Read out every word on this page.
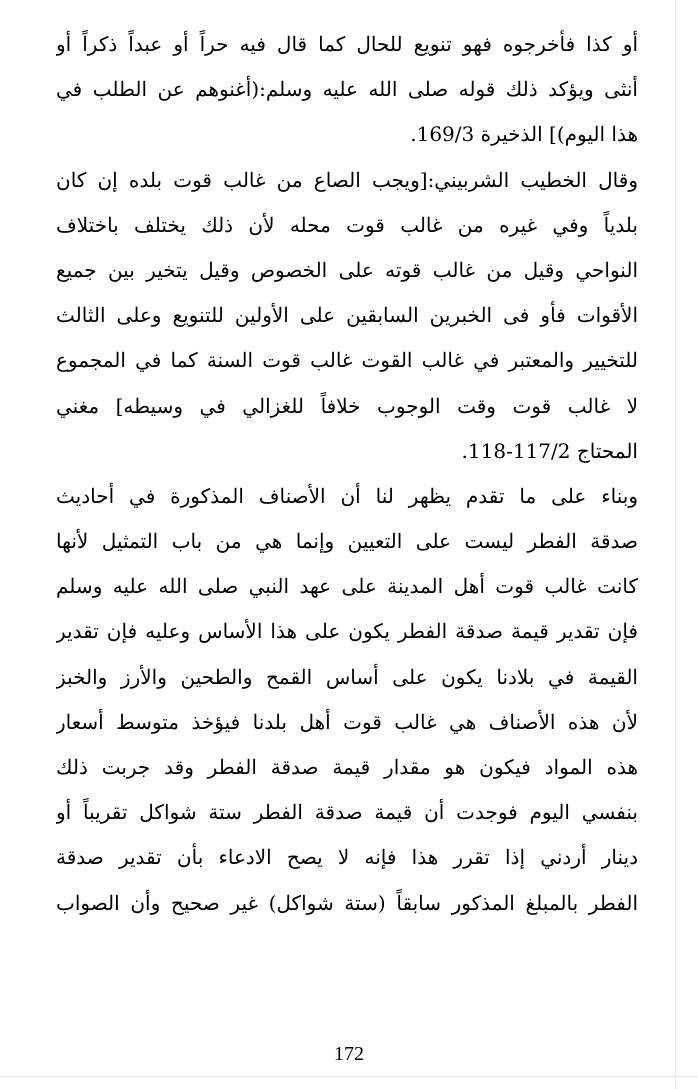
أو كذا فأخرجوه فهو تنويع للحال كما قال فيه حراً أو عبداً ذكراً أو
أنثى ويؤكد ذلك قوله صلى الله عليه وسلم:(أغنوهم عن الطلب في
هذا اليوم)] الذخيرة 169/3.
وقال الخطيب الشربيني:[ويجب الصاع من غالب قوت بلده إن كان
بلدياً وفي غيره من غالب قوت محله لأن ذلك يختلف باختلاف
النواحي وقيل من غالب قوته على الخصوص وقيل يتخير بين جميع
الأقوات فأو فى الخبرين السابقين على الأولين للتنويع وعلى الثالث
للتخيير والمعتبر في غالب القوت غالب قوت السنة كما في المجموع
لا غالب قوت وقت الوجوب خلافاً للغزالي في وسيطه] مغني
المحتاج 117/2-118.
وبناء على ما تقدم يظهر لنا أن الأصناف المذكورة في أحاديث
صدقة الفطر ليست على التعيين وإنما هي من باب التمثيل لأنها
كانت غالب قوت أهل المدينة على عهد النبي صلى الله عليه وسلم
فإن تقدير قيمة صدقة الفطر يكون على هذا الأساس وعليه فإن تقدير
القيمة في بلادنا يكون على أساس القمح والطحين والأرز والخبز
لأن هذه الأصناف هي غالب قوت أهل بلدنا فيؤخذ متوسط أسعار
هذه المواد فيكون هو مقدار قيمة صدقة الفطر وقد جربت ذلك
بنفسي اليوم فوجدت أن قيمة صدقة الفطر ستة شواكل تقريباً أو
دينار أردني إذا تقرر هذا فإنه لا يصح الادعاء بأن تقدير صدقة
الفطر بالمبلغ المذكور سابقاً (ستة شواكل) غير صحيح وأن الصواب
172
